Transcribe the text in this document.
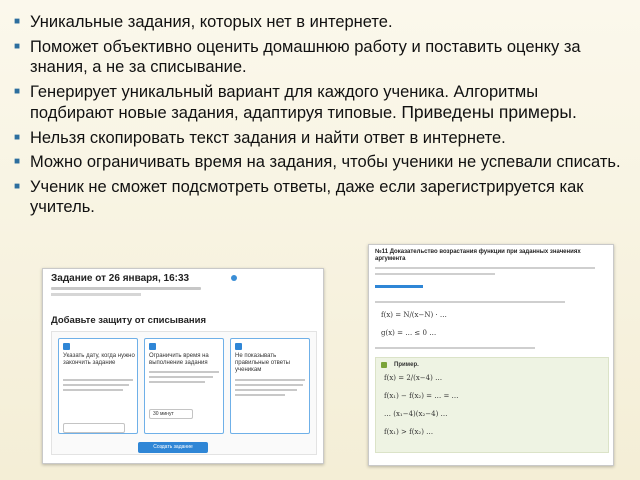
■ Уникальные задания, которых нет в интернете.
■ Поможет объективно оценить домашнюю работу и поставить оценку за знания, а не за списывание.
■ Генерирует уникальный вариант для каждого ученика. Алгоритмы подбирают новые задания, адаптируя типовые. Приведены примеры.
■ Нельзя скопировать текст задания и найти ответ в интернете.
■ Можно ограничивать время на задания, чтобы ученики не успевали списать.
■ Ученик не сможет подсмотреть ответы, даже если зарегистрируется как учитель.
Задание от 26 января, 16:33
Добавьте защиту от списывания
Указать дату, когда нужно закончить задание
Ограничить время на выполнение задания
30 минут
Не показывать правильные ответы ученикам
Создать задание
№11 Доказательство возрастания функции при заданных значениях аргумента
f(x) = N/(x−N) · …
g(x) = … ≤ 0 …
Пример.
f(x) = 2/(x−4) …
f(x₁) − f(x₂) = … = …
… (x₁−4)(x₂−4) …
f(x₁) > f(x₂) …
